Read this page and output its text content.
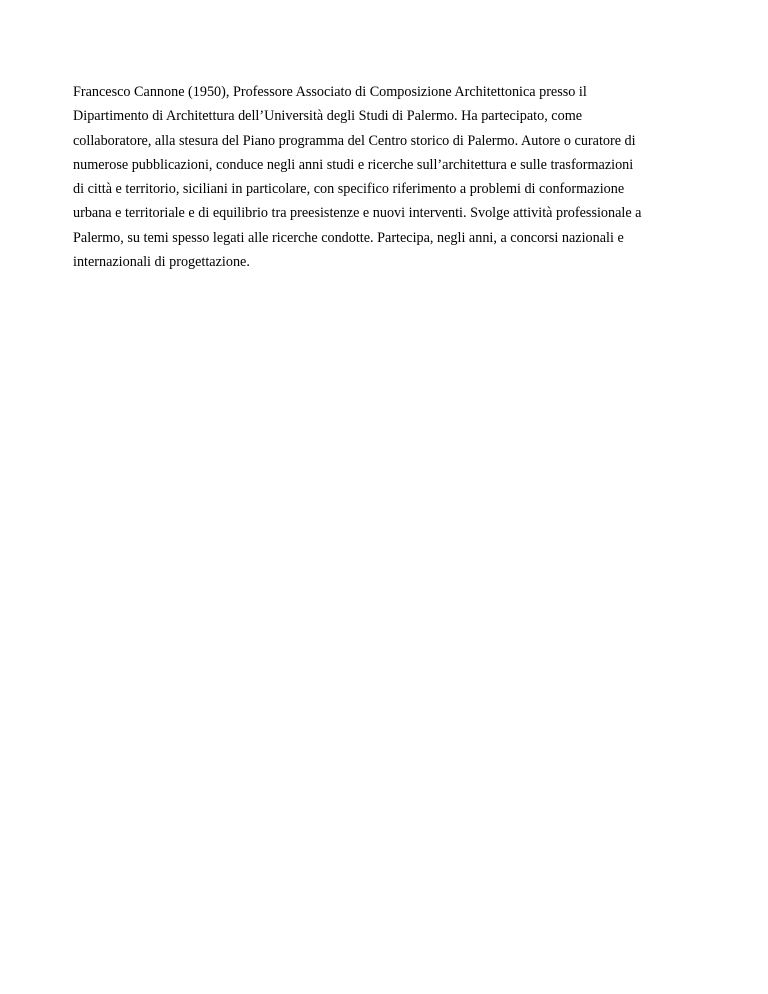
Francesco Cannone (1950), Professore Associato di Composizione Architettonica presso il
Dipartimento di Architettura dell’Università degli Studi di Palermo. Ha partecipato, come
collaboratore, alla stesura del Piano programma del Centro storico di Palermo. Autore o curatore di
numerose pubblicazioni, conduce negli anni studi e ricerche sull’architettura e sulle trasformazioni
di città e territorio, siciliani in particolare, con specifico riferimento a problemi di conformazione
urbana e territoriale e di equilibrio tra preesistenze e nuovi interventi. Svolge attività professionale a
Palermo, su temi spesso legati alle ricerche condotte. Partecipa, negli anni, a concorsi nazionali e
internazionali di progettazione.
